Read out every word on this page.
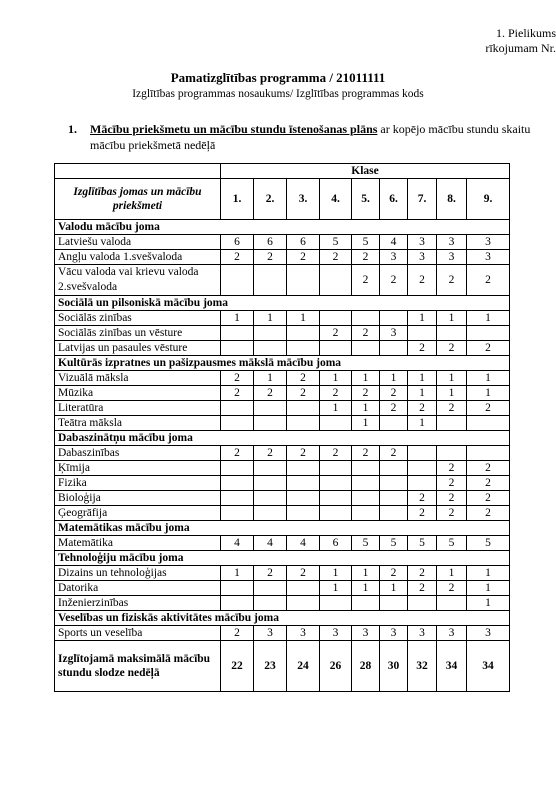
1. Pielikums
rīkojumam Nr.
Pamatizglītības programma / 21011111
Izglītības programmas nosaukums/ Izglītības programmas kods
1.	Mācību priekšmetu un mācību stundu īstenošanas plāns ar kopējo mācību stundu skaitu mācību priekšmetā nedēļā
	Klase								
Izglītības jomas un mācību priekšmeti	1.	2.	3.	4.	5.	6.	7.	8.	9.
Valodu mācību joma									
Latviešu valoda	6	6	6	5	5	4	3	3	3
Angļu valoda 1.svešvaloda	2	2	2	2	2	3	3	3	3
Vācu valoda vai krievu valoda 2.svešvaloda					2	2	2	2	2
Sociālā un pilsoniskā mācību joma									
Sociālās zinības	1	1	1				1	1	1
Sociālās zinības un vēsture				2	2	3			
Latvijas un pasaules vēsture							2	2	2
Kultūrās izpratnes un pašizpausmes mākslā mācību joma									
Vizuālā māksla	2	1	2	1	1	1	1	1	1
Mūzika	2	2	2	2	2	2	1	1	1
Literatūra				1	1	2	2	2	2
Teātra māksla					1		1		
Dabaszinātņu mācību joma									
Dabaszinības	2	2	2	2	2	2			
Ķīmija								2	2
Fizika								2	2
Bioloģija							2	2	2
Ģeogrāfija							2	2	2
Matemātikas mācību joma									
Matemātika	4	4	4	6	5	5	5	5	5
Tehnoloģiju mācību joma									
Dizains un tehnoloģijas	1	2	2	1	1	2	2	1	1
Datorika				1	1	1	2	2	1
Inženierzinības									1
Veselības un fiziskās aktivitātes mācību joma									
Sports un veselība	2	3	3	3	3	3	3	3	3
Izglītojamā maksimālā mācību stundu slodze nedēļā	22	23	24	26	28	30	32	34	34
